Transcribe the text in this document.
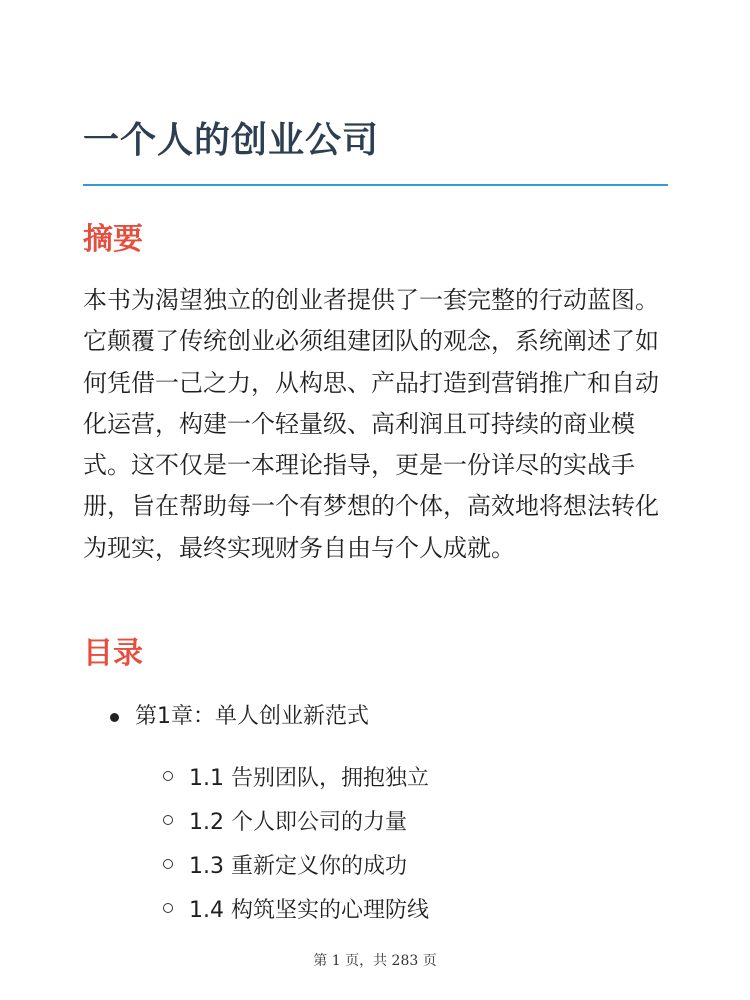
一个人的创业公司
摘要

本书为渴望独立的创业者提供了一套完整的行动蓝图。它颠覆了传统创业必须组建团队的观念，系统阐述了如何凭借一己之力，从构思、产品打造到营销推广和自动化运营，构建一个轻量级、高利润且可持续的商业模式。这不仅是一本理论指导，更是一份详尽的实战手册，旨在帮助每一个有梦想的个体，高效地将想法转化为现实，最终实现财务自由与个人成就。

目录
第1章：单人创业新范式
1.1 告别团队，拥抱独立
1.2 个人即公司的力量
1.3 重新定义你的成功
1.4 构筑坚实的心理防线
第 1 页，共 283 页
